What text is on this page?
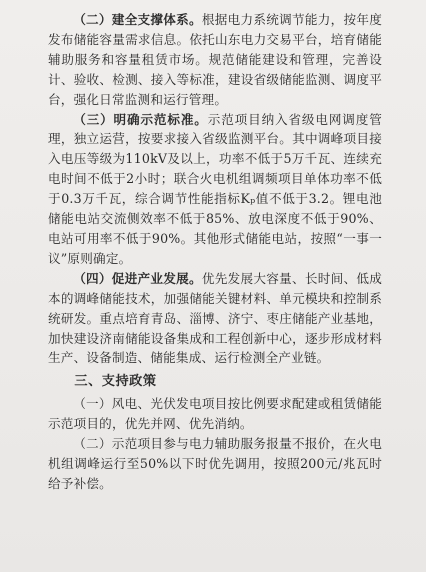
（二）建全支撑体系。根据电力系统调节能力，按年度发布储能容量需求信息。依托山东电力交易平台，培育储能辅助服务和容量租赁市场。规范储能建设和管理，完善设计、验收、检测、接入等标准，建设省级储能监测、调度平台，强化日常监测和运行管理。

（三）明确示范标准。示范项目纳入省级电网调度管理，独立运营，按要求接入省级监测平台。其中调峰项目接入电压等级为110kV及以上，功率不低于5万千瓦、连续充电时间不低于2小时；联合火电机组调频项目单体功率不低于0.3万千瓦，综合调节性能指标Kₚ值不低于3.2。锂电池储能电站交流侧效率不低于85%、放电深度不低于90%、电站可用率不低于90%。其他形式储能电站，按照“一事一议”原则确定。

（四）促进产业发展。优先发展大容量、长时间、低成本的调峰储能技术，加强储能关键材料、单元模块和控制系统研发。重点培育青岛、淄博、济宁、枣庄储能产业基地，加快建设济南储能设备集成和工程创新中心，逐步形成材料生产、设备制造、储能集成、运行检测全产业链。

三、支持政策

（一）风电、光伏发电项目按比例要求配建或租赁储能示范项目的，优先并网、优先消纳。

（二）示范项目参与电力辅助服务报量不报价，在火电机组调峰运行至50%以下时优先调用，按照200元/兆瓦时给予补偿。
